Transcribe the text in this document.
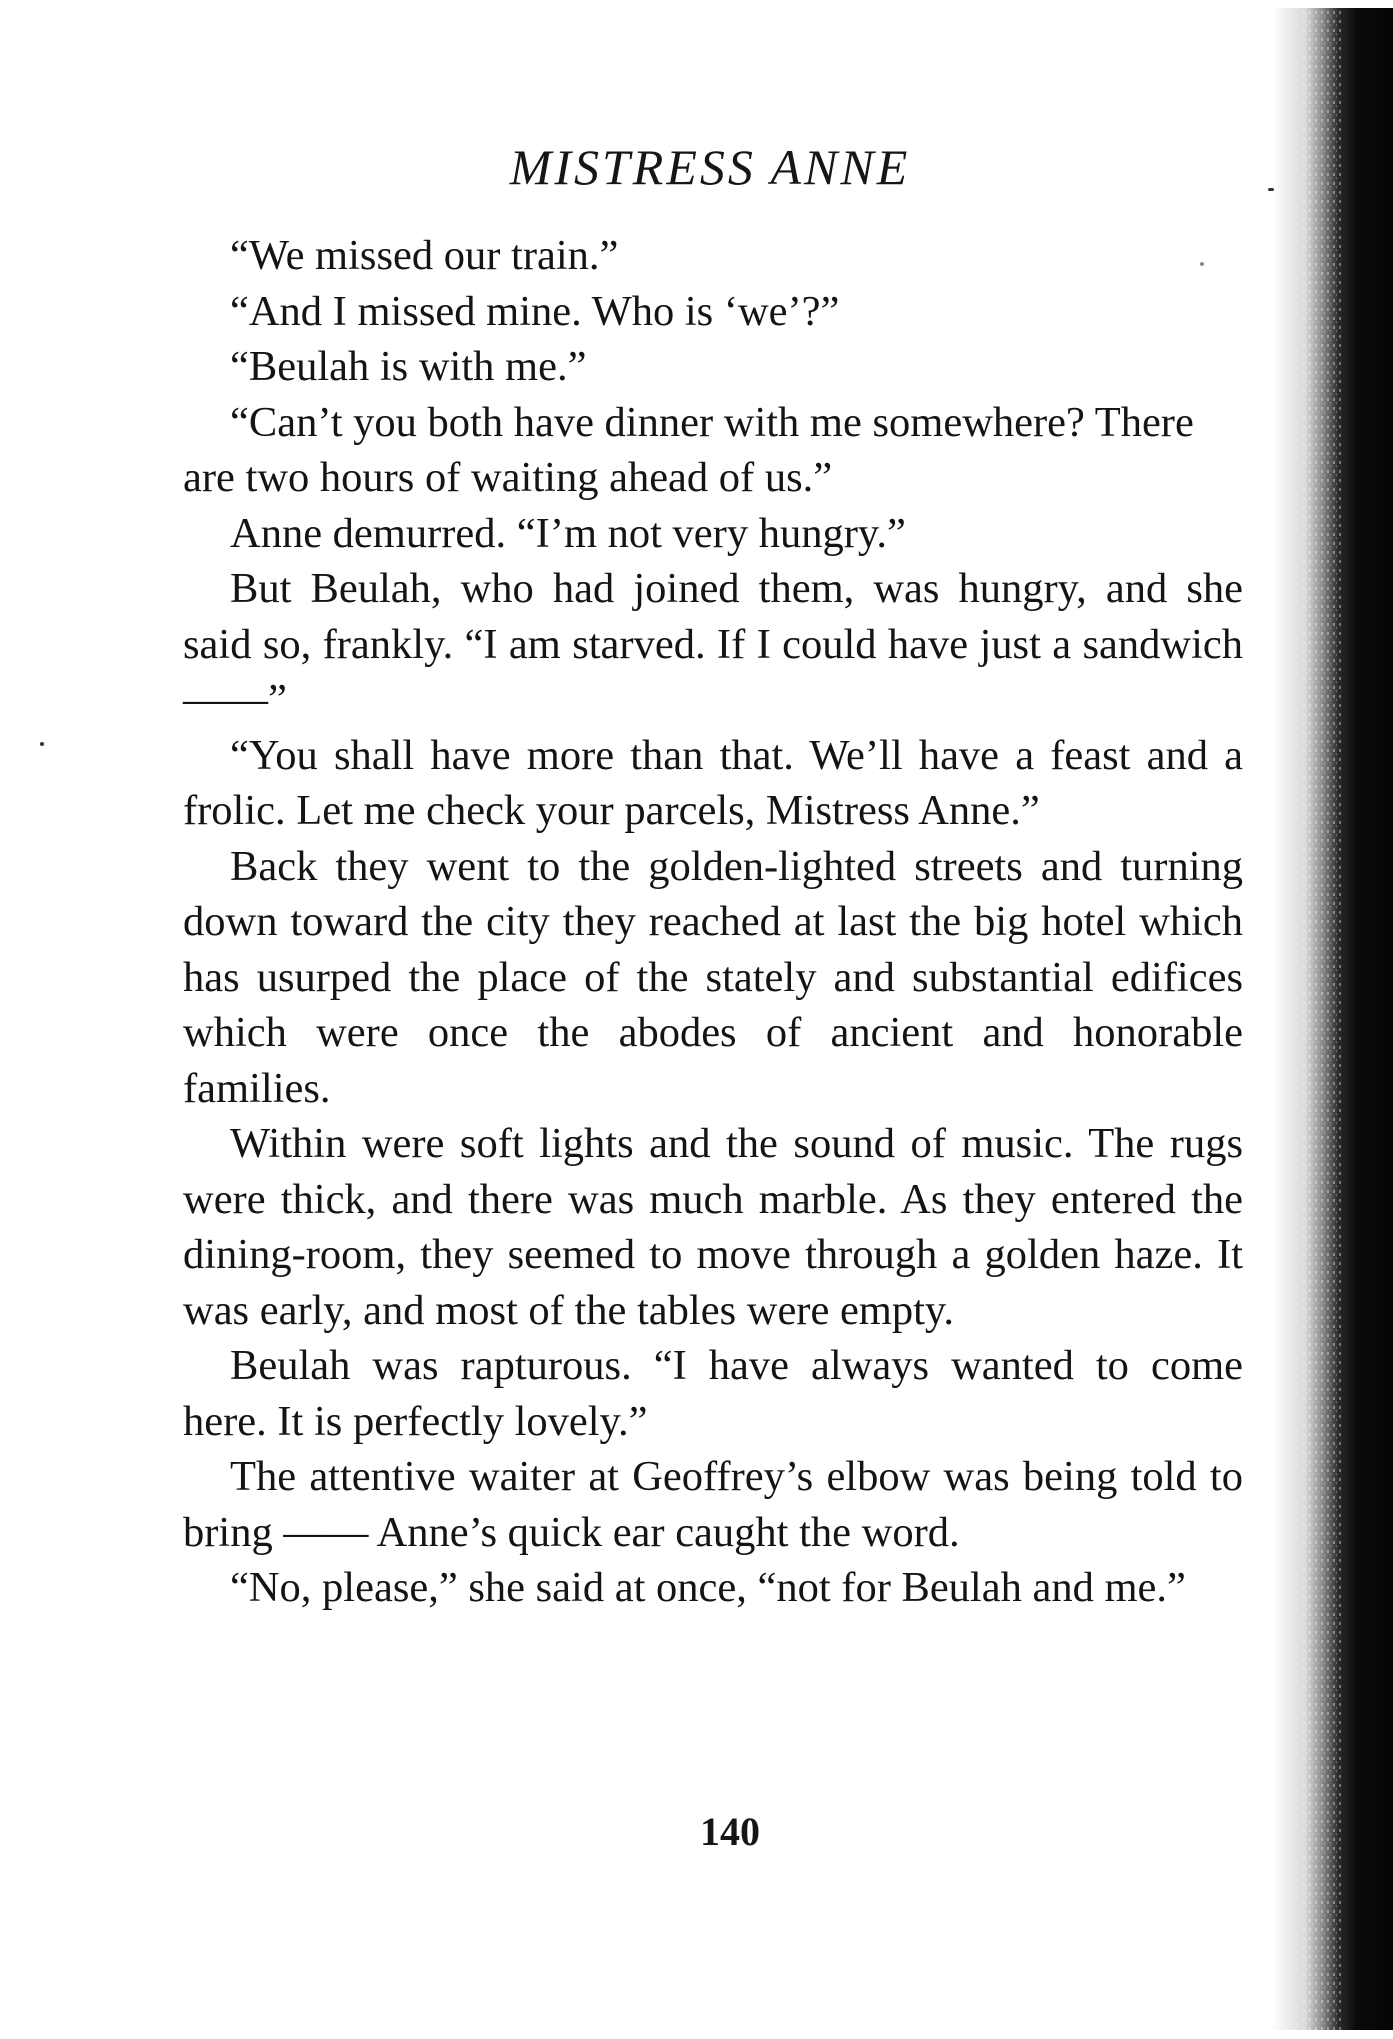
MISTRESS ANNE

“We missed our train.”

“And I missed mine. Who is ‘we’?”

“Beulah is with me.”

“Can’t you both have dinner with me somewhere? There are two hours of waiting ahead of us.”

Anne demurred. “I’m not very hungry.”

But Beulah, who had joined them, was hungry, and she said so, frankly. “I am starved. If I could have just a sandwich ——”

“You shall have more than that. We’ll have a feast and a frolic. Let me check your parcels, Mistress Anne.”

Back they went to the golden-lighted streets and turning down toward the city they reached at last the big hotel which has usurped the place of the stately and substantial edifices which were once the abodes of ancient and honorable families.

Within were soft lights and the sound of music. The rugs were thick, and there was much marble. As they entered the dining-room, they seemed to move through a golden haze. It was early, and most of the tables were empty.

Beulah was rapturous. “I have always wanted to come here. It is perfectly lovely.”

The attentive waiter at Geoffrey’s elbow was being told to bring —— Anne’s quick ear caught the word.

“No, please,” she said at once, “not for Beulah and me.”

140
